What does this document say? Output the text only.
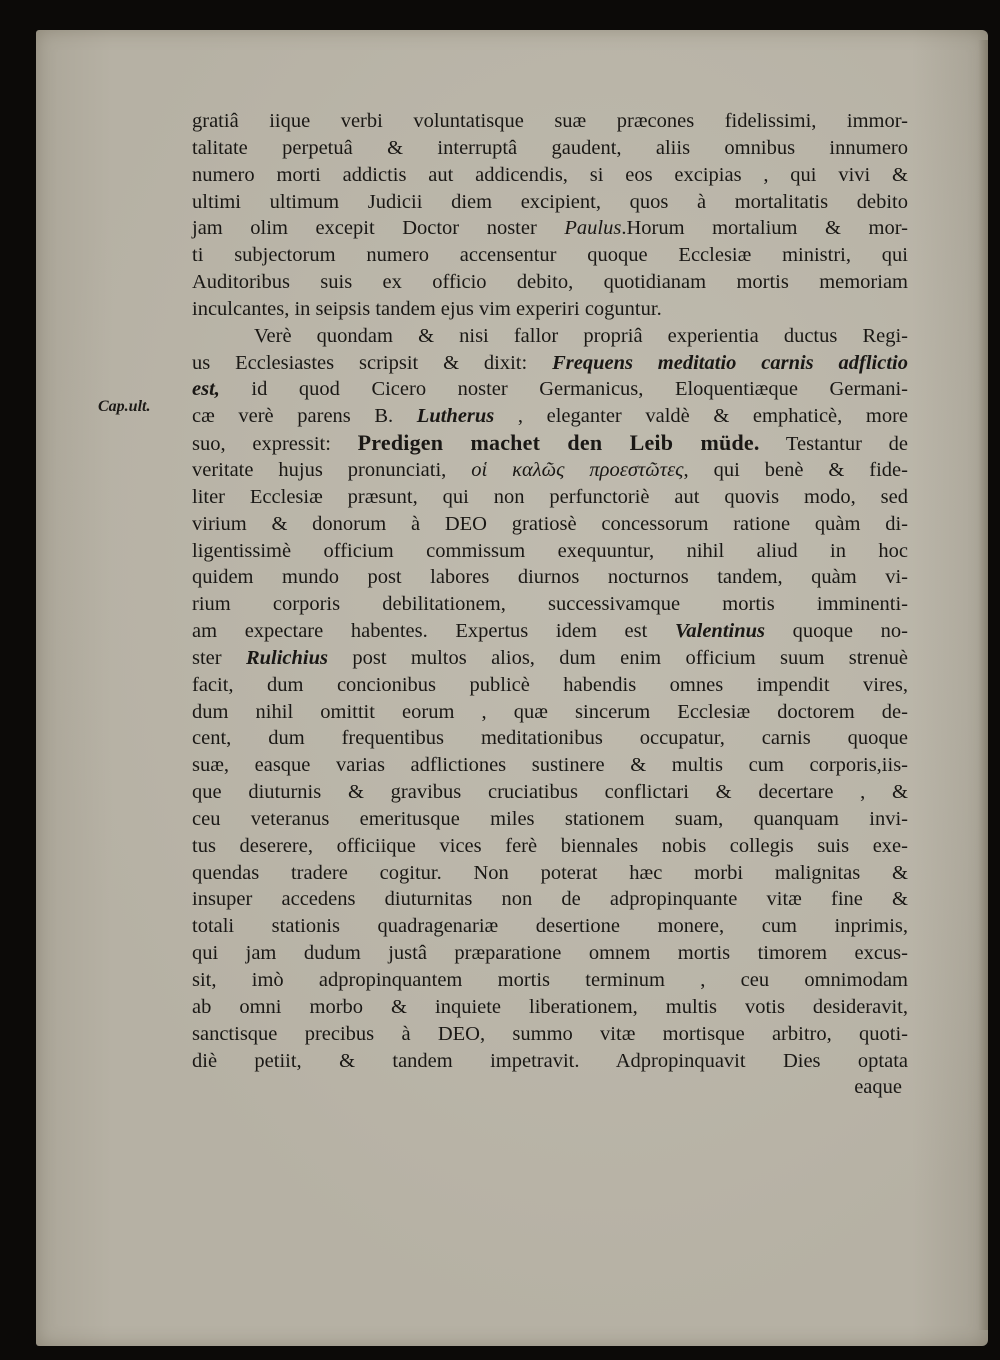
Cap.ult.
gratiâ iique verbi voluntatisque suæ præcones fidelissimi, immor-
talitate perpetuâ & interruptâ gaudent, aliis omnibus innumero
numero morti addictis aut addicendis, si eos excipias , qui vivi &
ultimi ultimum Judicii diem excipient, quos à mortalitatis debito
jam olim excepit Doctor noster Paulus.Horum mortalium & mor-
ti subjectorum numero accensentur quoque Ecclesiæ ministri, qui
Auditoribus suis ex officio debito, quotidianam mortis memoriam
inculcantes, in seipsis tandem ejus vim experiri coguntur.
Verè quondam & nisi fallor propriâ experientia ductus Regi-
us Ecclesiastes scripsit & dixit: Frequens meditatio carnis adflictio
est, id quod Cicero noster Germanicus, Eloquentiæque Germani-
cæ verè parens B. Lutherus , eleganter valdè & emphaticè, more
suo, expressit: Predigen machet den Leib müde. Testantur de
veritate hujus pronunciati, οἱ καλῶς προεστῶτες, qui benè & fide-
liter Ecclesiæ præsunt, qui non perfunctoriè aut quovis modo, sed
virium & donorum à DEO gratiosè concessorum ratione quàm di-
ligentissimè officium commissum exequuntur, nihil aliud in hoc
quidem mundo post labores diurnos nocturnos tandem, quàm vi-
rium corporis debilitationem, successivamque mortis imminenti-
am expectare habentes. Expertus idem est Valentinus quoque no-
ster Rulichius post multos alios, dum enim officium suum strenuè
facit, dum concionibus publicè habendis omnes impendit vires,
dum nihil omittit eorum , quæ sincerum Ecclesiæ doctorem de-
cent, dum frequentibus meditationibus occupatur, carnis quoque
suæ, easque varias adflictiones sustinere & multis cum corporis,iis-
que diuturnis & gravibus cruciatibus conflictari & decertare , &
ceu veteranus emeritusque miles stationem suam, quanquam invi-
tus deserere, officiique vices ferè biennales nobis collegis suis exe-
quendas tradere cogitur. Non poterat hæc morbi malignitas &
insuper accedens diuturnitas non de adpropinquante vitæ fine &
totali stationis quadragenariæ desertione monere, cum inprimis,
qui jam dudum justâ præparatione omnem mortis timorem excus-
sit, imò adpropinquantem mortis terminum , ceu omnimodam
ab omni morbo & inquiete liberationem, multis votis desideravit,
sanctisque precibus à DEO, summo vitæ mortisque arbitro, quoti-
diè petiit, & tandem impetravit. Adpropinquavit Dies optata
eaque
